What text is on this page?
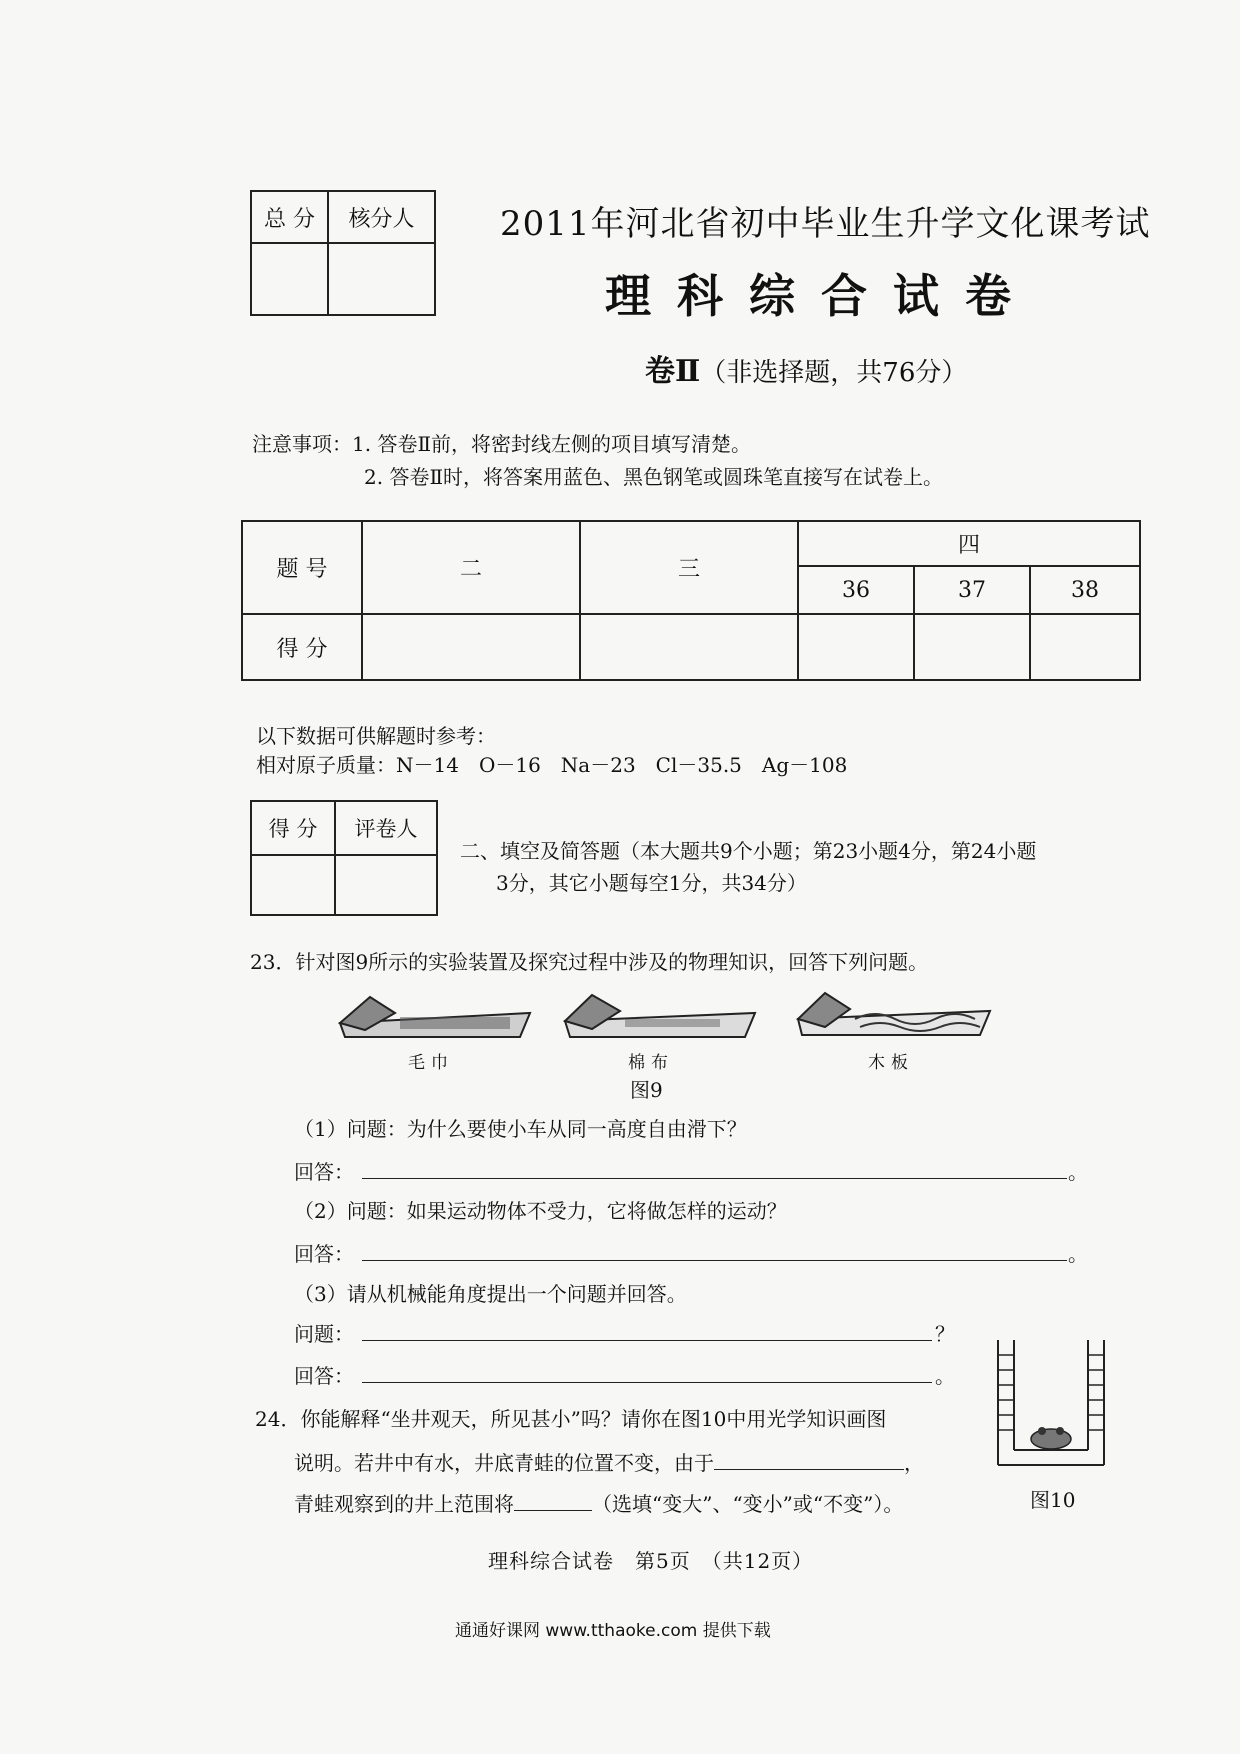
总 分	核分人
		2011年河北省初中毕业生升学文化课考试
理科综合试卷
卷Ⅱ（非选择题，共76分）
注意事项：1. 答卷Ⅱ前，将密封线左侧的项目填写清楚。
2. 答卷Ⅱ时，将答案用蓝色、黑色钢笔或圆珠笔直接写在试卷上。
题 号	二	三	四		
			36	37	38
得 分					
以下数据可供解题时参考：
相对原子质量：N－14　O－16　Na－23　Cl－35.5　Ag－108
得 分	评卷人

二、填空及简答题（本大题共9个小题；第23小题4分，第24小题
3分，其它小题每空1分，共34分）
23．针对图9所示的实验装置及探究过程中涉及的物理知识，回答下列问题。
毛巾	棉布	木板
图9
（1）问题：为什么要使小车从同一高度自由滑下？
回答：	。
（2）问题：如果运动物体不受力，它将做怎样的运动？
回答：	。
（3）请从机械能角度提出一个问题并回答。
问题：	？
回答：	。
24．你能解释“坐井观天，所见甚小”吗？请你在图10中用光学知识画图
说明。若井中有水，井底青蛙的位置不变，由于	，
青蛙观察到的井上范围将	（选填“变大”、“变小”或“不变”）。	图10
理科综合试卷　第5页　（共12页）
通通好课网 www.tthaoke.com 提供下载
